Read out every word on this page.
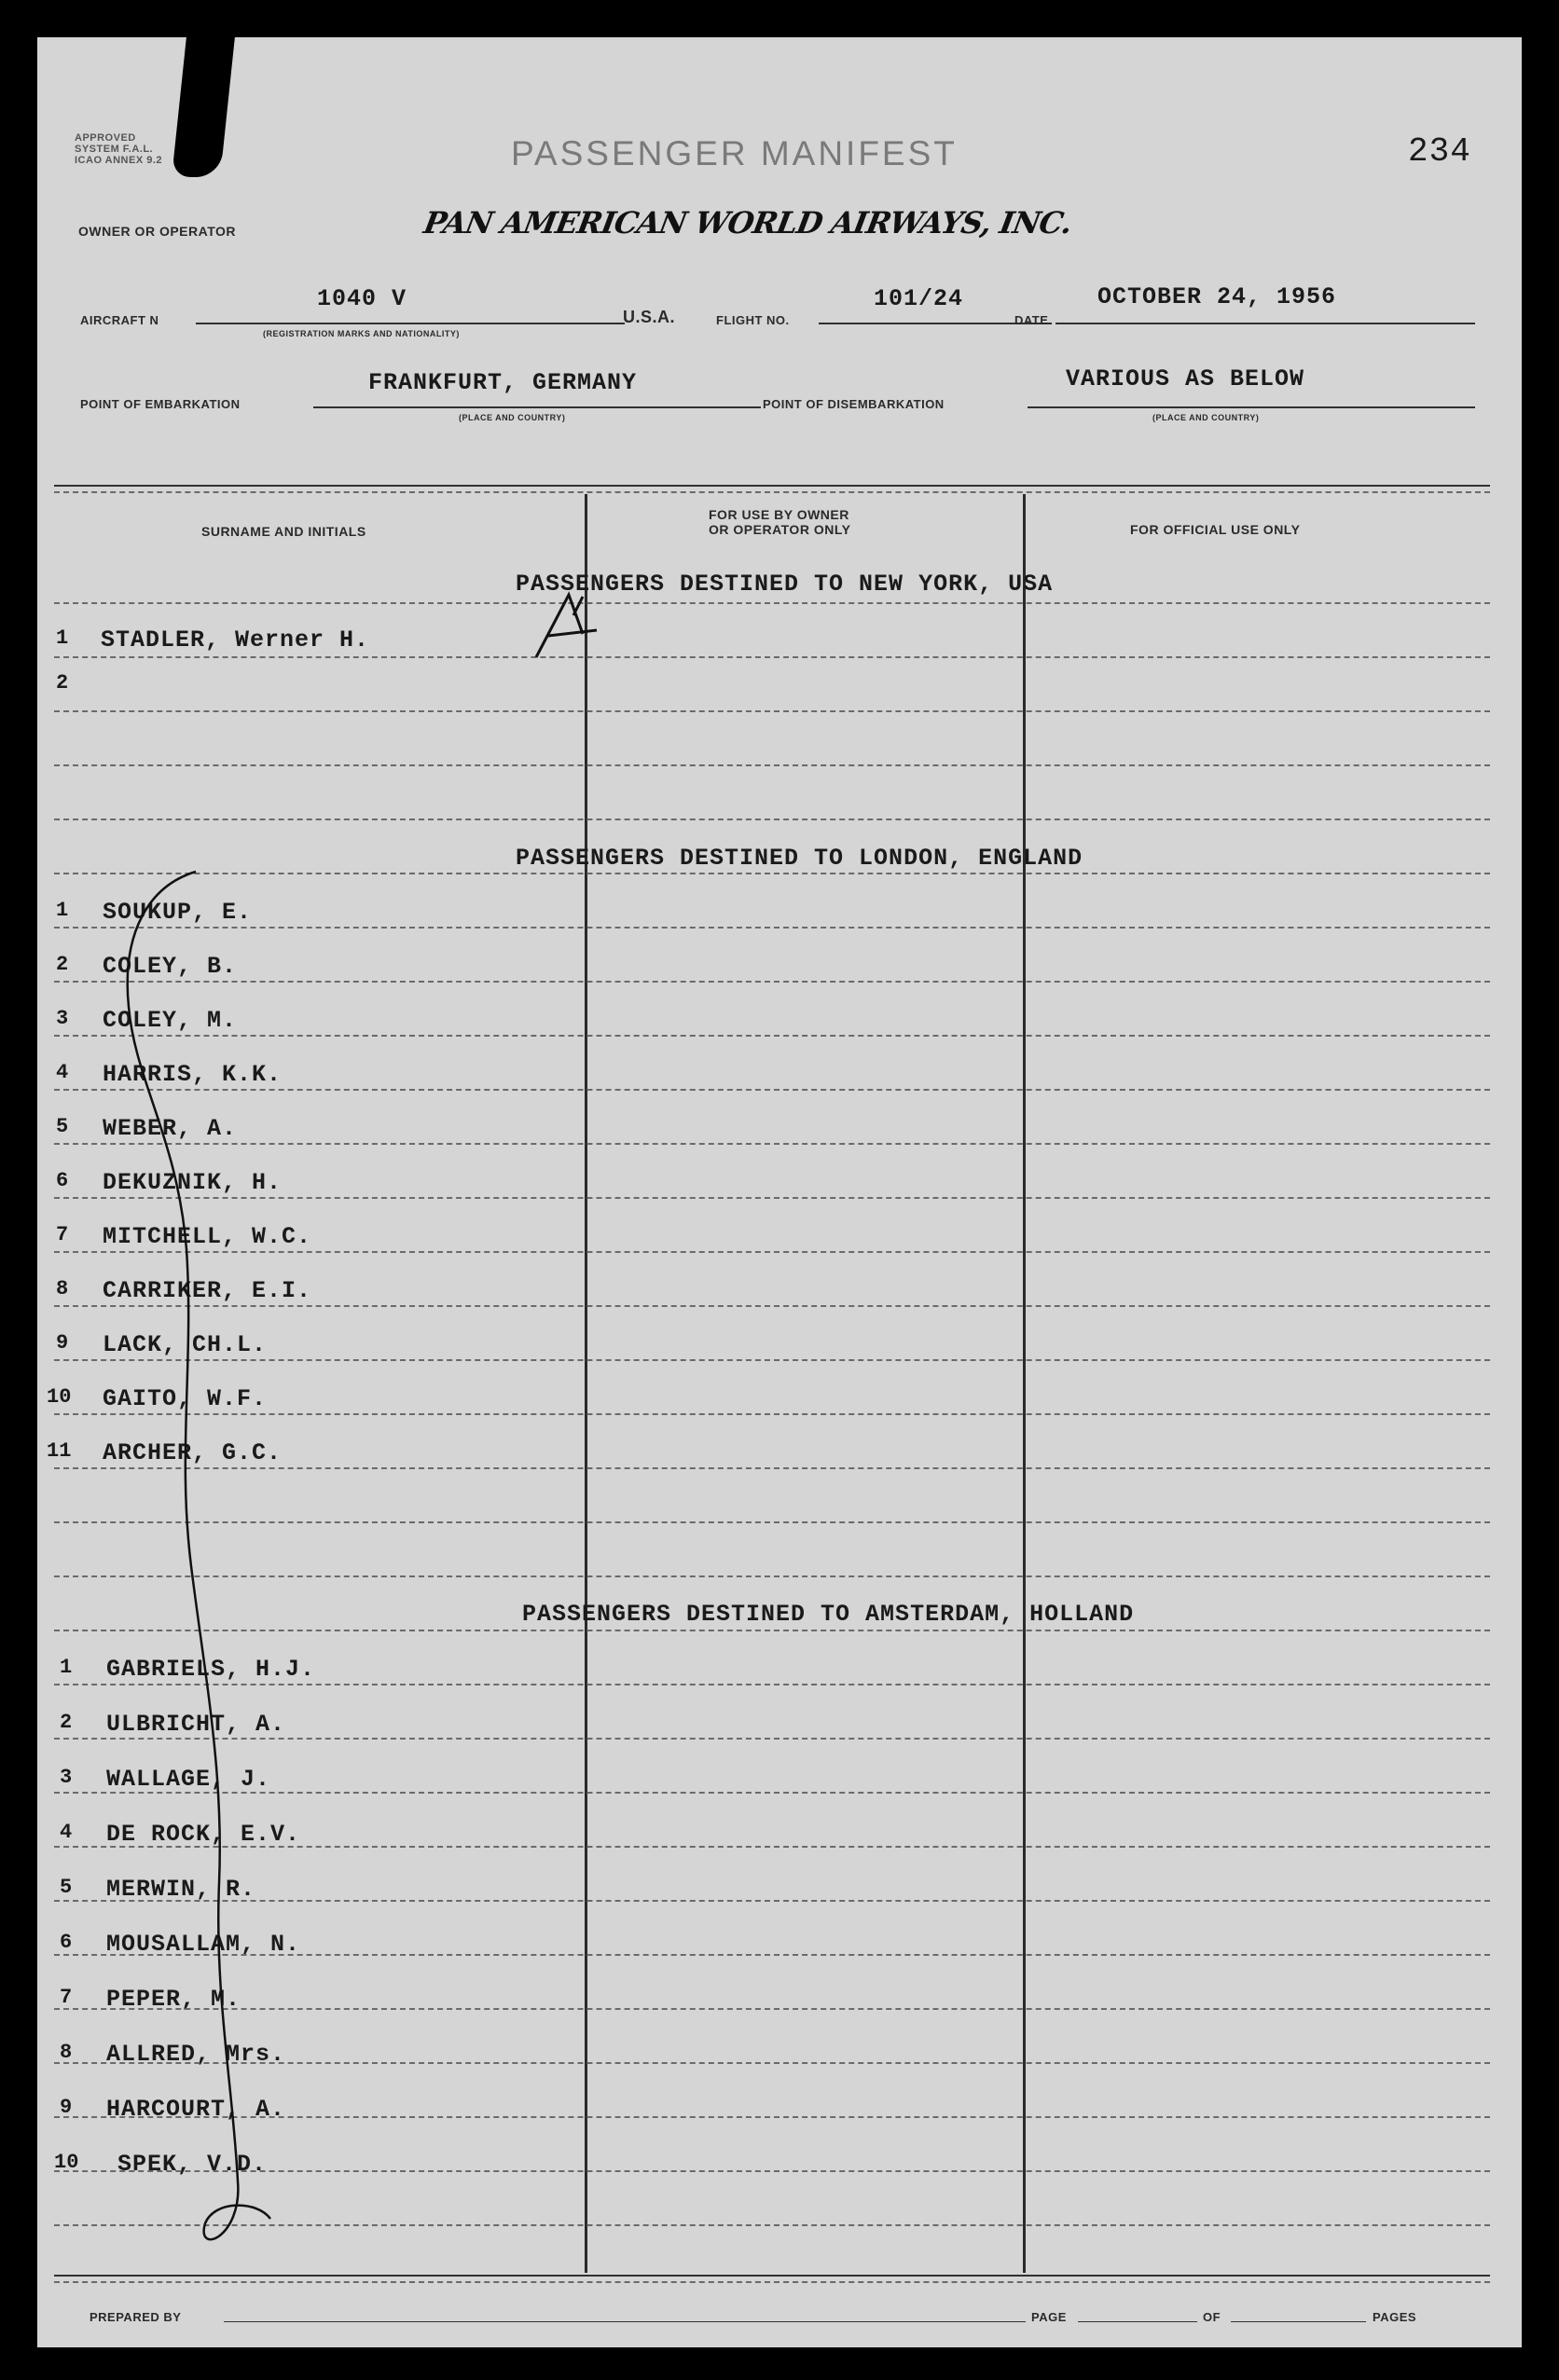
APPROVED
SYSTEM F.A.L.
ICAO ANNEX 9.2	PASSENGER MANIFEST	234
OWNER OR OPERATOR	PAN AMERICAN WORLD AIRWAYS, INC.
AIRCRAFT N
1040 V
(REGISTRATION MARKS AND NATIONALITY)
U.S.A.	FLIGHT NO.
101/24
DATE
OCTOBER 24, 1956
POINT OF EMBARKATION
FRANKFURT, GERMANY
(PLACE AND COUNTRY)
POINT OF DISEMBARKATION
VARIOUS AS BELOW
(PLACE AND COUNTRY)
SURNAME AND INITIALS
FOR USE BY OWNER
OR OPERATOR ONLY	FOR OFFICIAL USE ONLY
PASSENGERS DESTINED TO NEW YORK, USA
PASSENGERS DESTINED TO LONDON, ENGLAND
PASSENGERS DESTINED TO AMSTERDAM, HOLLAND
1	STADLER, Werner H.
2
1	SOUKUP, E.
2	COLEY, B.
3	COLEY, M.
4	HARRIS, K.K.
5	WEBER, A.
6	DEKUZNIK, H.
7	MITCHELL, W.C.
8	CARRIKER, E.I.
9	LACK, CH.L.
10	GAITO, W.F.
11	ARCHER, G.C.
1	GABRIELS, H.J.
2	ULBRICHT, A.
3	WALLAGE, J.
4	DE ROCK, E.V.
5	MERWIN, R.
6	MOUSALLAM, N.
7	PEPER, M.
8	ALLRED, Mrs.
9	HARCOURT, A.
10	SPEK, V.D.
PREPARED BY	PAGE	OF	PAGES
